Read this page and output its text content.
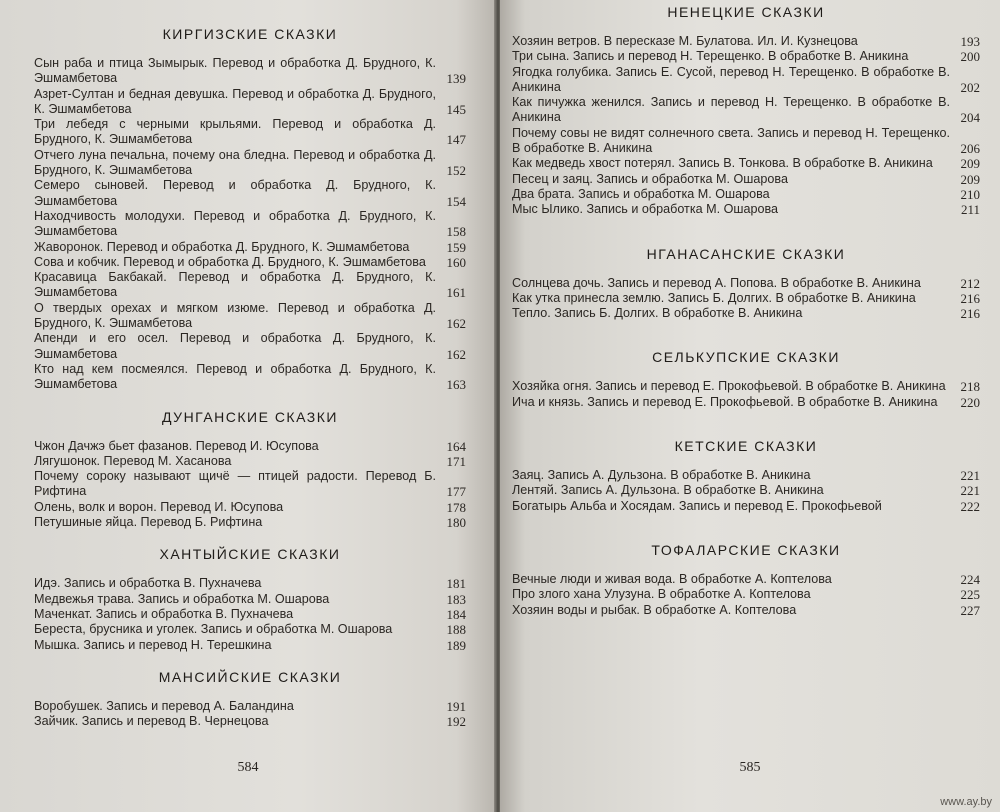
КИРГИЗСКИЕ СКАЗКИ
Сын раба и птица Зымырык. Перевод и обработка Д. Брудного, К. Эшмамбетова	139
Азрет-Султан и бедная девушка. Перевод и обработка Д. Брудного, К. Эшмамбетова	145
Три лебедя с черными крыльями. Перевод и обработка Д. Брудного, К. Эшмамбетова	147
Отчего луна печальна, почему она бледна. Перевод и обработка Д. Брудного, К. Эшмамбетова	152
Семеро сыновей. Перевод и обработка Д. Брудного, К. Эшмамбетова	154
Находчивость молодухи. Перевод и обработка Д. Брудного, К. Эшмамбетова	158
Жаворонок. Перевод и обработка Д. Брудного, К. Эшмамбетова	159
Сова и кобчик. Перевод и обработка Д. Брудного, К. Эшмамбетова	160
Красавица Бакбакай. Перевод и обработка Д. Брудного, К. Эшмамбетова	161
О твердых орехах и мягком изюме. Перевод и обработка Д. Брудного, К. Эшмамбетова	162
Апенди и его осел. Перевод и обработка Д. Брудного, К. Эшмамбетова	162
Кто над кем посмеялся. Перевод и обработка Д. Брудного, К. Эшмамбетова	163
ДУНГАНСКИЕ СКАЗКИ
Чжон Дачжэ бьет фазанов. Перевод И. Юсупова	164
Лягушонок. Перевод М. Хасанова	171
Почему сороку называют щичё — птицей радости. Перевод Б. Рифтина	177
Олень, волк и ворон. Перевод И. Юсупова	178
Петушиные яйца. Перевод Б. Рифтина	180
ХАНТЫЙСКИЕ СКАЗКИ
Идэ. Запись и обработка В. Пухначева	181
Медвежья трава. Запись и обработка М. Ошарова	183
Маченкат. Запись и обработка В. Пухначева	184
Береста, брусника и уголек. Запись и обработка М. Ошарова	188
Мышка. Запись и перевод Н. Терешкина	189
МАНСИЙСКИЕ СКАЗКИ
Воробушек. Запись и перевод А. Баландина	191
Зайчик. Запись и перевод В. Чернецова	192
584
НЕНЕЦКИЕ СКАЗКИ
Хозяин ветров. В пересказе М. Булатова. Ил. И. Кузнецова	193
Три сына. Запись и перевод Н. Терещенко. В обработке В. Аникина	200
Ягодка голубика. Запись Е. Сусой, перевод Н. Терещенко. В обработке В. Аникина	202
Как пичужка женился. Запись и перевод Н. Терещенко. В обработке В. Аникина	204
Почему совы не видят солнечного света. Запись и перевод Н. Терещенко. В обработке В. Аникина	206
Как медведь хвост потерял. Запись В. Тонкова. В обработке В. Аникина	209
Песец и заяц. Запись и обработка М. Ошарова	209
Два брата. Запись и обработка М. Ошарова	210
Мыс Ылико. Запись и обработка М. Ошарова	211
НГАНАСАНСКИЕ СКАЗКИ
Солнцева дочь. Запись и перевод А. Попова. В обработке В. Аникина	212
Как утка принесла землю. Запись Б. Долгих. В обработке В. Аникина	216
Тепло. Запись Б. Долгих. В обработке В. Аникина	216
СЕЛЬКУПСКИЕ СКАЗКИ
Хозяйка огня. Запись и перевод Е. Прокофьевой. В обработке В. Аникина	218
Ича и князь. Запись и перевод Е. Прокофьевой. В обработке В. Аникина	220
КЕТСКИЕ СКАЗКИ
Заяц. Запись А. Дульзона. В обработке В. Аникина	221
Лентяй. Запись А. Дульзона. В обработке В. Аникина	221
Богатырь Альба и Хосядам. Запись и перевод Е. Прокофьевой	222
ТОФАЛАРСКИЕ СКАЗКИ
Вечные люди и живая вода. В обработке А. Коптелова	224
Про злого хана Улузуна. В обработке А. Коптелова	225
Хозяин воды и рыбак. В обработке А. Коптелова	227
585
www.ay.by
